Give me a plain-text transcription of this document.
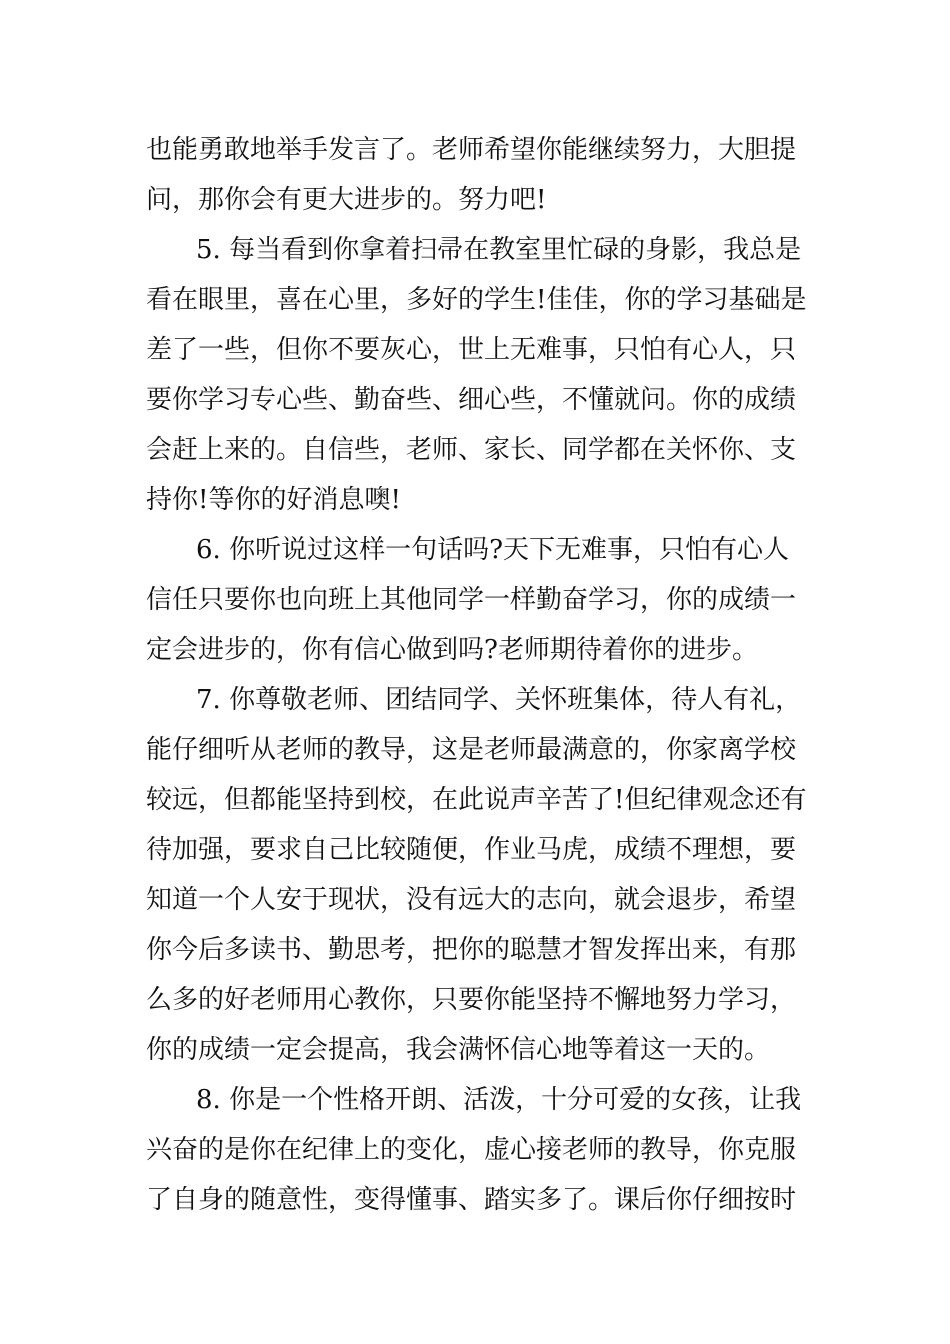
也能勇敢地举手发言了。老师希望你能继续努力，大胆提
问，那你会有更大进步的。努力吧!
5. 每当看到你拿着扫帚在教室里忙碌的身影，我总是
看在眼里，喜在心里，多好的学生!佳佳，你的学习基础是
差了一些，但你不要灰心，世上无难事，只怕有心人，只
要你学习专心些、勤奋些、细心些，不懂就问。你的成绩
会赶上来的。自信些，老师、家长、同学都在关怀你、支
持你!等你的好消息噢!
6. 你听说过这样一句话吗?天下无难事，只怕有心人
信任只要你也向班上其他同学一样勤奋学习，你的成绩一
定会进步的，你有信心做到吗?老师期待着你的进步。
7. 你尊敬老师、团结同学、关怀班集体，待人有礼，
能仔细听从老师的教导，这是老师最满意的，你家离学校
较远，但都能坚持到校，在此说声辛苦了!但纪律观念还有
待加强，要求自己比较随便，作业马虎，成绩不理想，要
知道一个人安于现状，没有远大的志向，就会退步，希望
你今后多读书、勤思考，把你的聪慧才智发挥出来，有那
么多的好老师用心教你，只要你能坚持不懈地努力学习，
你的成绩一定会提高，我会满怀信心地等着这一天的。
8. 你是一个性格开朗、活泼，十分可爱的女孩，让我
兴奋的是你在纪律上的变化，虚心接老师的教导，你克服
了自身的随意性，变得懂事、踏实多了。课后你仔细按时
